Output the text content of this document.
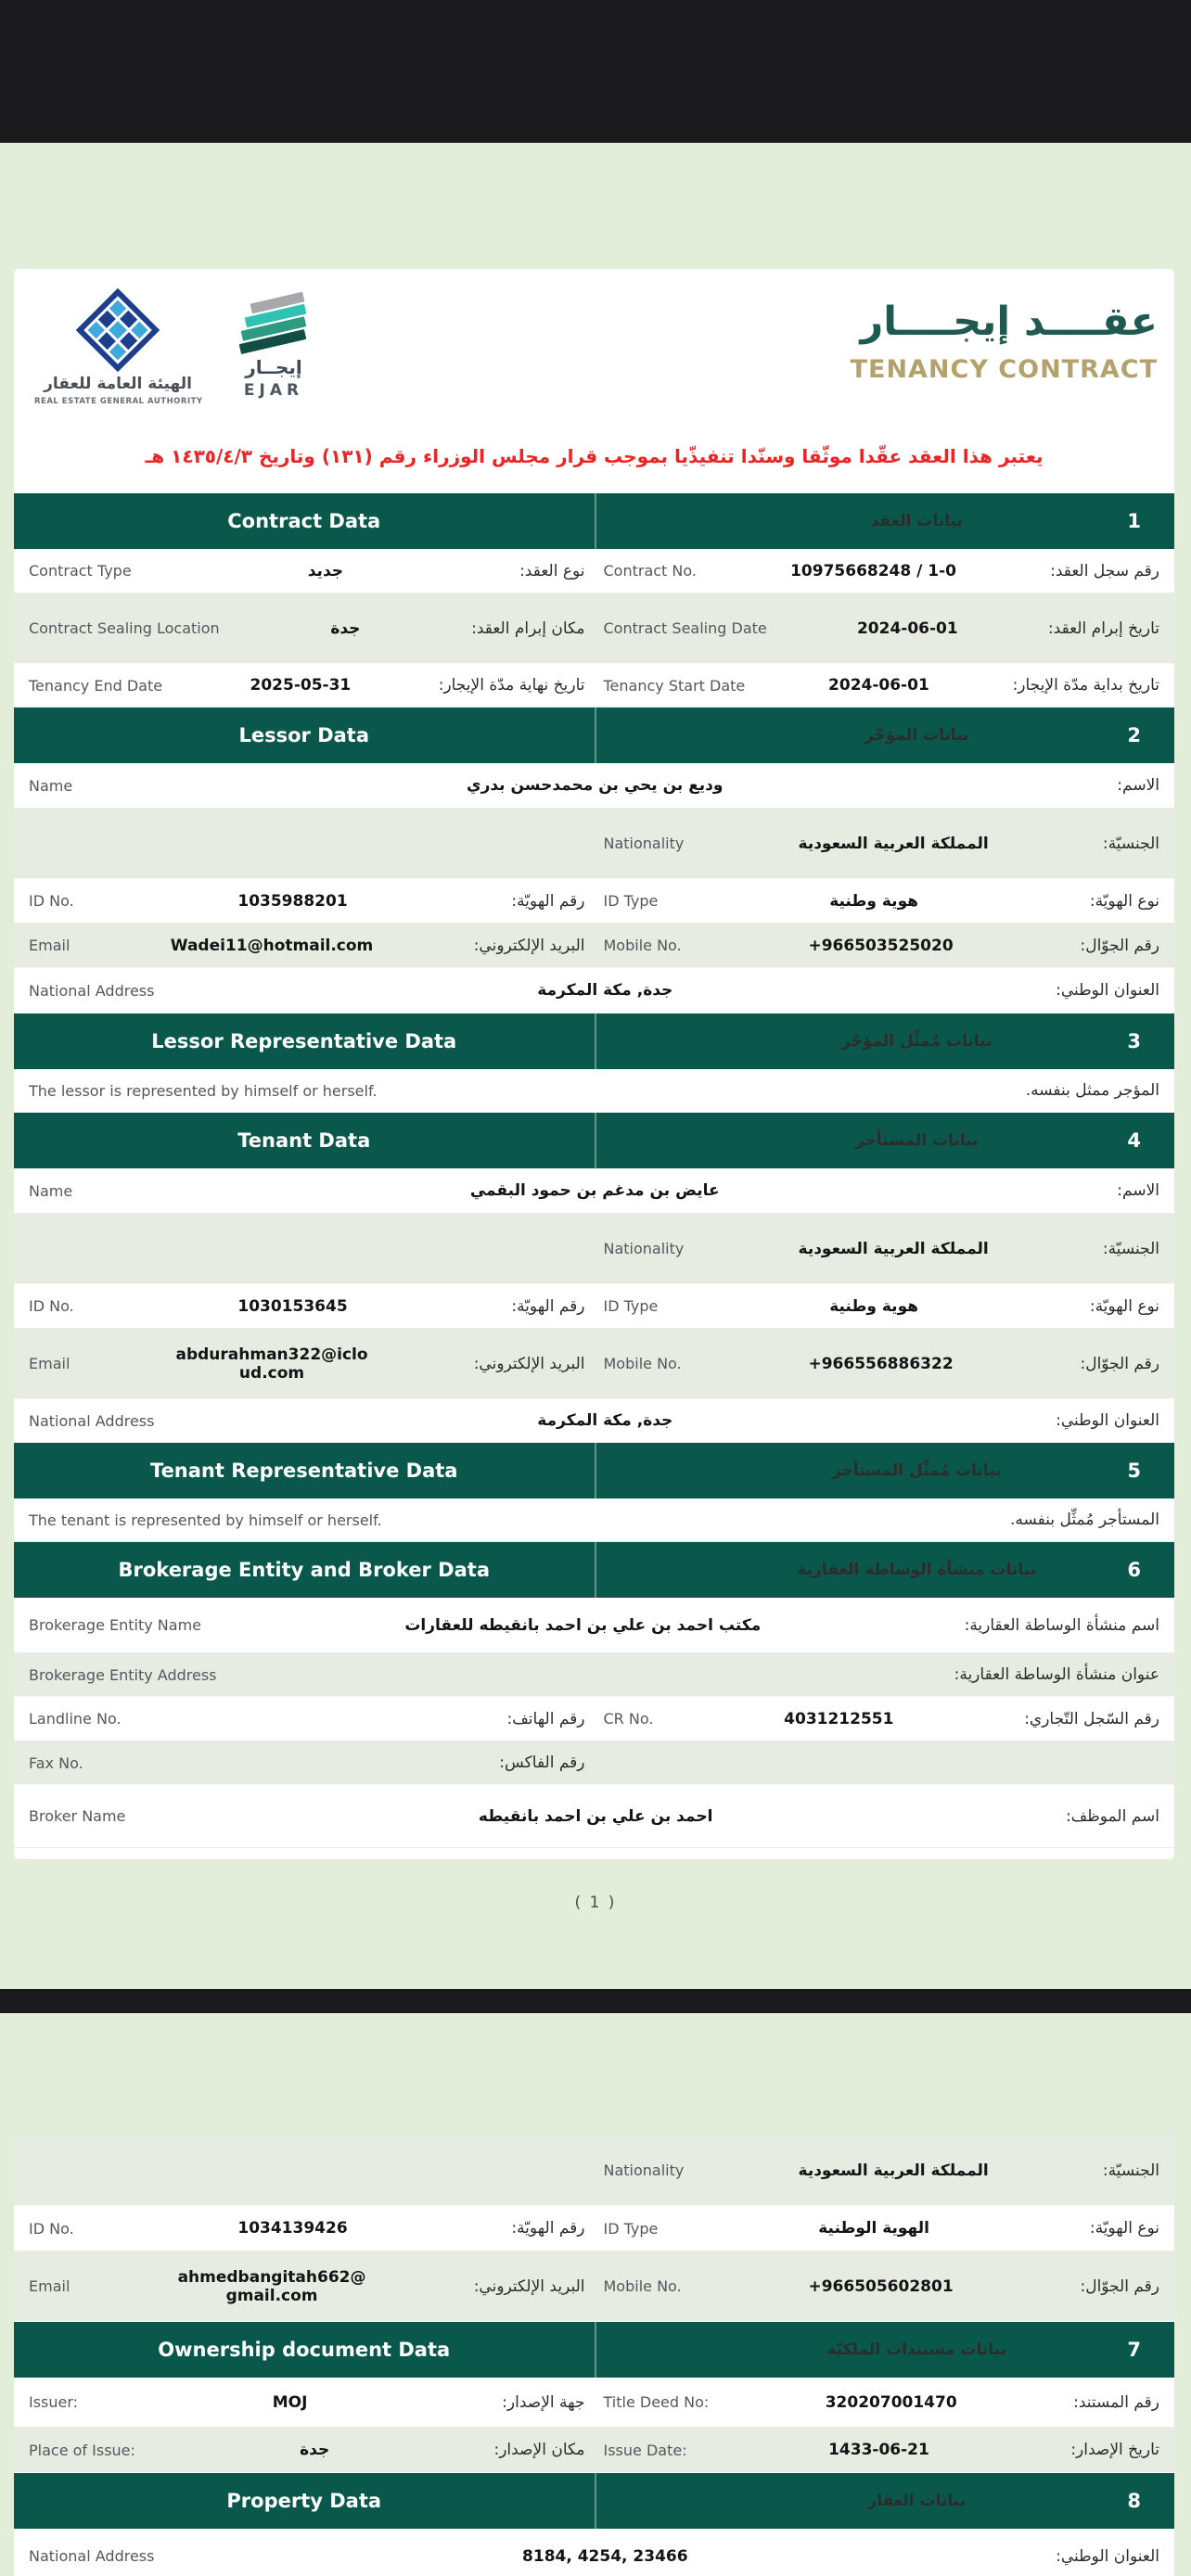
الهيئة العامة للعقار
REAL ESTATE GENERAL AUTHORITY
إيجــار
EJAR
عقــــد إيجــــار
TENANCY CONTRACT
يعتبر هذا العقد عقّدا موثّقا وسنّدا تنفيذّيا بموجب قرار مجلس الوزراء رقم (١٣١) وتاريخ ١٤٣٥/٤/٣ هـ
Contract Data	بيانات العقد	1
Contract Type	جديد	نوع العقد: Contract No.	10975668248 / 1-0	رقم سجل العقد:
Contract Sealing Location	جدة	مكان إبرام العقد: Contract Sealing Date	2024-06-01	تاريخ إبرام العقد:
Tenancy End Date	2025-05-31	تاريخ نهاية مدّة الإيجار: Tenancy Start Date	2024-06-01	تاريخ بداية مدّة الإيجار:
Lessor Data	بيانات المؤجّر	2
Name	وديع بن يحي بن محمدحسن بدري	الاسم:
Nationality	المملكة العربية السعودية	الجنسيّة:
ID No.	1035988201	رقم الهويّة: ID Type	هوية وطنية	نوع الهويّة:
Email	Wadei11@hotmail.com	البريد الإلكتروني: Mobile No.	+966503525020	رقم الجوّال:
National Address	جدة, مكة المكرمة	العنوان الوطني:
Lessor Representative Data	بيانات مُمثِّل المؤجّر	3
The lessor is represented by himself or herself.	المؤجر ممثل بنفسه.
Tenant Data	بيانات المستأجر	4
Name	عايض بن مدغم بن حمود البقمي	الاسم:
Nationality	المملكة العربية السعودية	الجنسيّة:
ID No.	1030153645	رقم الهويّة: ID Type	هوية وطنية	نوع الهويّة:
Email	abdurahman322@icloud.com	البريد الإلكتروني: Mobile No.	+966556886322	رقم الجوّال:
National Address	جدة, مكة المكرمة	العنوان الوطني:
Tenant Representative Data	بيانات مُمثِّل المستأجر	5
The tenant is represented by himself or herself.	المستأجر مُمثِّل بنفسه.
Brokerage Entity and Broker Data	بيانات منشأة الوساطة العقارية	6
Brokerage Entity Name	مكتب احمد بن علي بن احمد بانقيطه للعقارات	اسم منشأة الوساطة العقارية:
Brokerage Entity Address	عنوان منشأة الوساطة العقارية:
Landline No.	رقم الهاتف: CR No.	4031212551	رقم السّجل التّجاري:
Fax No.	رقم الفاكس:
Broker Name	احمد بن علي بن احمد بانقيطه	اسم الموظف:
( 1 )
Nationality	المملكة العربية السعودية	الجنسيّة:
ID No.	1034139426	رقم الهويّة: ID Type	الهوية الوطنية	نوع الهويّة:
Email	ahmedbangitah662@gmail.com	البريد الإلكتروني: Mobile No.	+966505602801	رقم الجوّال:
Ownership document Data	بيانات مستندات الملكيّة	7
Issuer:	MOJ	جهة الإصدار: Title Deed No:	320207001470	رقم المستند:
Place of Issue:	جدة	مكان الإصدار: Issue Date:	1433-06-21	تاريخ الإصدار:
Property Data	بيانات العقار	8
National Address	8184, 4254, 23466	العنوان الوطني:
